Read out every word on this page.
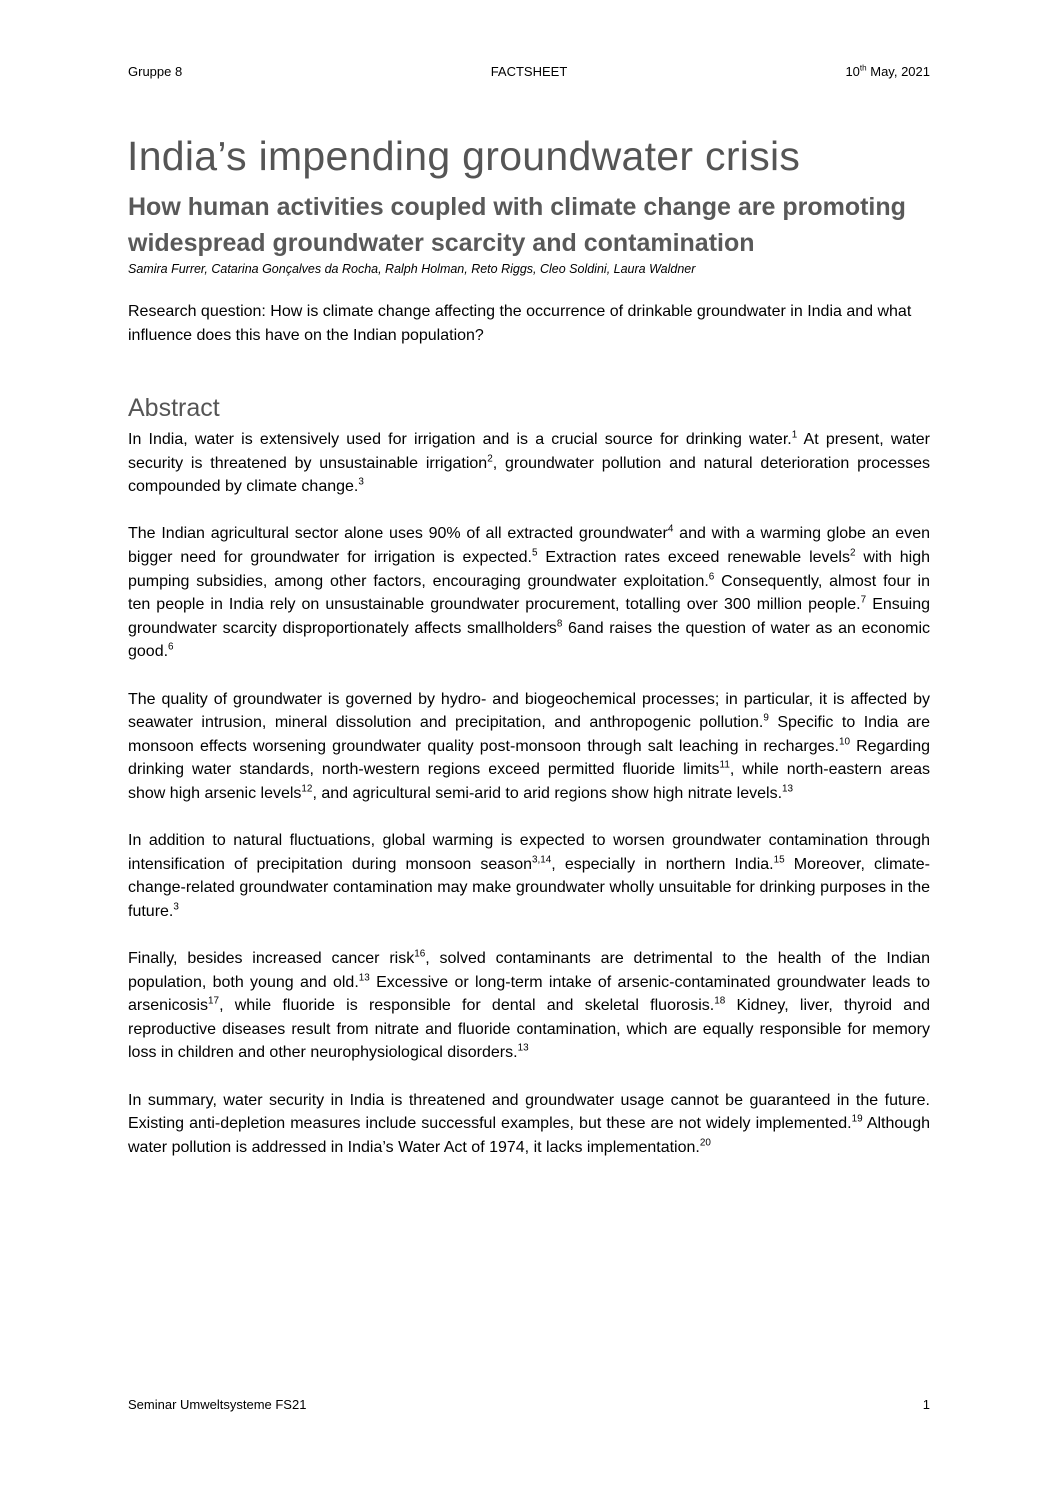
Gruppe 8	FACTSHEET	10th May, 2021
India’s impending groundwater crisis
How human activities coupled with climate change are promoting widespread groundwater scarcity and contamination
Samira Furrer, Catarina Gonçalves da Rocha, Ralph Holman, Reto Riggs, Cleo Soldini, Laura Waldner

Research question: How is climate change affecting the occurrence of drinkable groundwater in India and what influence does this have on the Indian population?

Abstract

In India, water is extensively used for irrigation and is a crucial source for drinking water.$^1$ At present, water security is threatened by unsustainable irrigation$^2$, groundwater pollution and natural deterioration processes compounded by climate change.$^3$

The Indian agricultural sector alone uses 90% of all extracted groundwater$^4$ and with a warming globe an even bigger need for groundwater for irrigation is expected.$^5$ Extraction rates exceed renewable levels$^2$ with high pumping subsidies, among other factors, encouraging groundwater exploitation.$^6$ Consequently, almost four in ten people in India rely on unsustainable groundwater procurement, totalling over 300 million people.$^7$ Ensuing groundwater scarcity disproportionately affects smallholders$^8$ 6and raises the question of water as an economic good.$^6$

The quality of groundwater is governed by hydro- and biogeochemical processes; in particular, it is affected by seawater intrusion, mineral dissolution and precipitation, and anthropogenic pollution.$^9$ Specific to India are monsoon effects worsening groundwater quality post-monsoon through salt leaching in recharges.$^{10}$ Regarding drinking water standards, north-western regions exceed permitted fluoride limits$^{11}$, while north-eastern areas show high arsenic levels$^{12}$, and agricultural semi-arid to arid regions show high nitrate levels.$^{13}$

In addition to natural fluctuations, global warming is expected to worsen groundwater contamination through intensification of precipitation during monsoon season$^{3,14}$, especially in northern India.$^{15}$ Moreover, climate-change-related groundwater contamination may make groundwater wholly unsuitable for drinking purposes in the future.$^3$

Finally, besides increased cancer risk$^{16}$, solved contaminants are detrimental to the health of the Indian population, both young and old.$^{13}$ Excessive or long-term intake of arsenic-contaminated groundwater leads to arsenicosis$^{17}$, while fluoride is responsible for dental and skeletal fluorosis.$^{18}$ Kidney, liver, thyroid and reproductive diseases result from nitrate and fluoride contamination, which are equally responsible for memory loss in children and other neurophysiological disorders.$^{13}$

In summary, water security in India is threatened and groundwater usage cannot be guaranteed in the future. Existing anti-depletion measures include successful examples, but these are not widely implemented.$^{19}$ Although water pollution is addressed in India’s Water Act of 1974, it lacks implementation.$^{20}$

Seminar Umweltsysteme FS21	1
